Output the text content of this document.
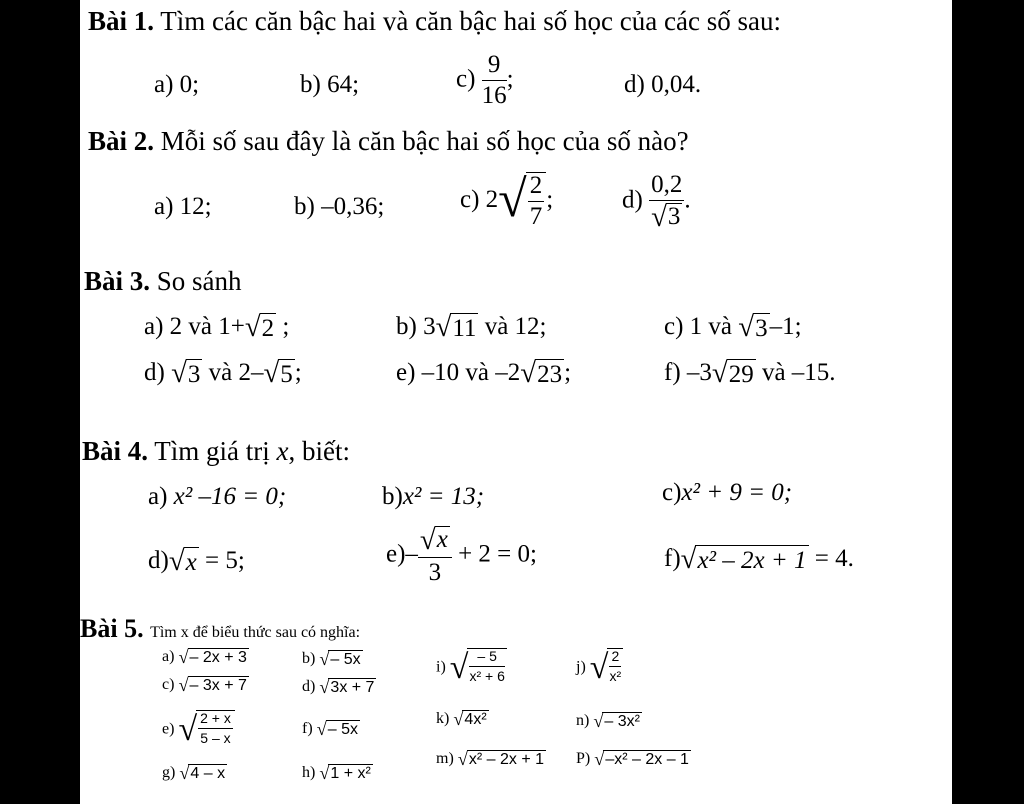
Bài 1. Tìm các căn bậc hai và căn bậc hai số học của các số sau:
a) 0;	b) 64;	$c) \frac{9}{16}$ ;	d) 0,04.
Bài 2. Mỗi số sau đây là căn bậc hai số học của số nào?
a) 12;	b) –0,36;	c) 2 √ $\frac{2}{7}$ ;	$d) \frac{0,2}{√ 3}$ .
Bài 3. So sánh
a) 2 và 1+ √ 2 ;	b) 3 √ 11 và 12;	c) 1 và √ 3 –1;
d) √ 3 và 2– √ 5 ;	e) –10 và –2 √ 23 ;	f) –3 √ 29 và –15.
Bài 4. Tìm giá trị x, biết:
a) x² –16 = 0;	b)x² = 13;	c)x² + 9 = 0;
d) √ x = 5;	$e)- \frac{√ x}{3} + 2 = 0$;	f) √ x² – 2x + 1 = 4.
Bài 5. Tìm x để biểu thức sau có nghĩa:
a) √ – 2x + 3	b) √ – 5x
c) √ – 3x + 7	d) √ 3x + 7
i) √ $\frac{- 5}{\text{x² + 6}}$	j) √ $\frac{2}{\text{x²}}$
e) √ $\frac{2 + x}{5 - x}$	f) √ – 5x
k) √ 4x²	n) √ – 3x²
g) √ 4 – x	h) √ 1 + x²
m) √ x² – 2x + 1 P) √ –x² – 2x – 1
